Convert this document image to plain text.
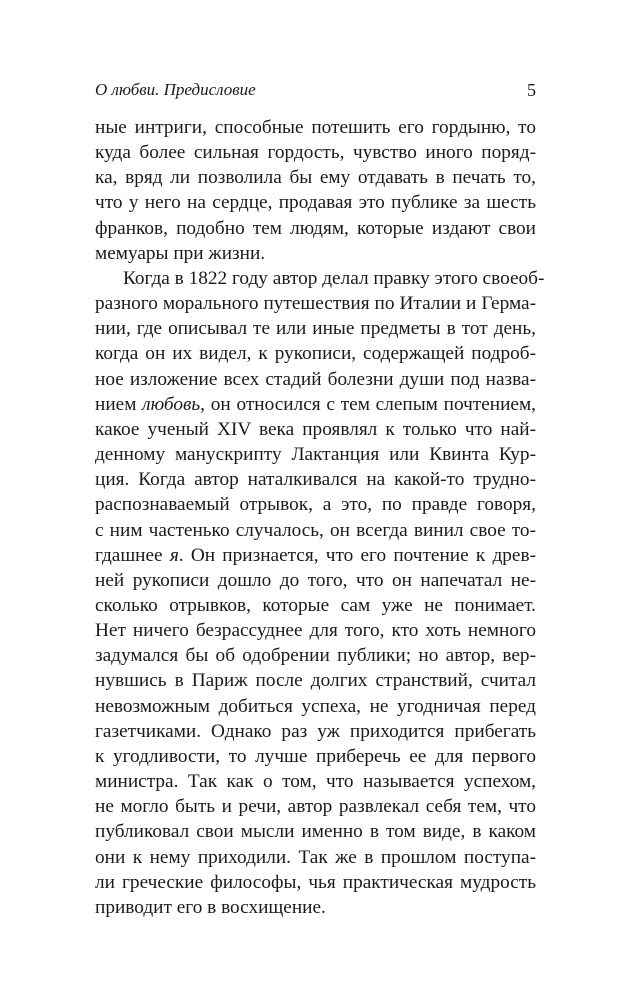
О любви. Предисловие	5
ные интриги, способные потешить его гордыню, то
куда более сильная гордость, чувство иного поряд-
ка, вряд ли позволила бы ему отдавать в печать то,
что у него на сердце, продавая это публике за шесть
франков, подобно тем людям, которые издают свои
мемуары при жизни.
Когда в 1822 году автор делал правку этого своеоб-
разного морального путешествия по Италии и Герма-
нии, где описывал те или иные предметы в тот день,
когда он их видел, к рукописи, содержащей подроб-
ное изложение всех стадий болезни души под назва-
нием любовь, он относился с тем слепым почтением,
какое ученый XIV века проявлял к только что най-
денному манускрипту Лактанция или Квинта Кур-
ция. Когда автор наталкивался на какой-то трудно-
распознаваемый отрывок, а это, по правде говоря,
с ним частенько случалось, он всегда винил свое то-
гдашнее я. Он признается, что его почтение к древ-
ней рукописи дошло до того, что он напечатал не-
сколько отрывков, которые сам уже не понимает.
Нет ничего безрассуднее для того, кто хоть немного
задумался бы об одобрении публики; но автор, вер-
нувшись в Париж после долгих странствий, считал
невозможным добиться успеха, не угодничая перед
газетчиками. Однако раз уж приходится прибегать
к угодливости, то лучше приберечь ее для первого
министра. Так как о том, что называется успехом,
не могло быть и речи, автор развлекал себя тем, что
публиковал свои мысли именно в том виде, в каком
они к нему приходили. Так же в прошлом поступа-
ли греческие философы, чья практическая мудрость
приводит его в восхищение.
